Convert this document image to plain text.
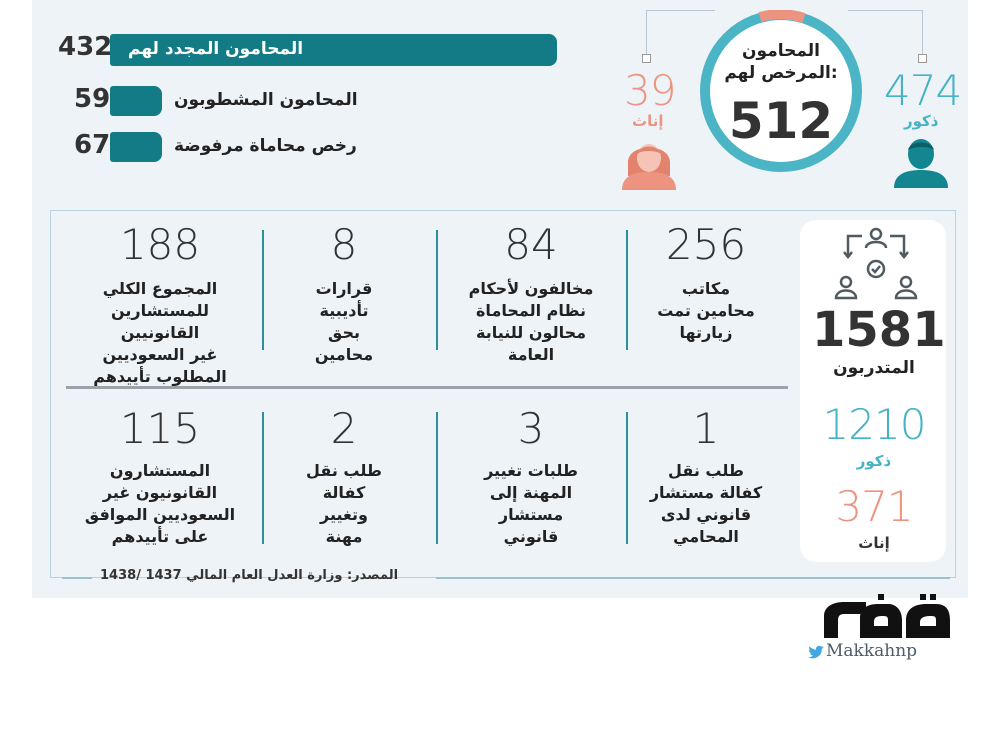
432 المحامون المجدد لهم
59	المحامون المشطوبون
67	رخص محاماة مرفوضة
المحامون
المرخص لهم:
512
474
ذكور
39
إناث
1581
المتدربون
1210
ذكور
371
إناث
256
مكاتب
محامين تمت
زيارتها
84
مخالفون لأحكام
نظام المحاماة
محالون للنيابة
العامة
8
قرارات
تأديبية
بحق
محامين
188
المجموع الكلي
للمستشارين القانونيين
غير السعوديين
المطلوب تأييدهم
1
طلب نقل
كفالة مستشار
قانوني لدى
المحامي
3
طلبات تغيير
المهنة إلى
مستشار
قانوني
2
طلب نقل
كفالة
وتغيير
مهنة
115
المستشارون
القانونيون غير
السعوديين الموافق
على تأييدهم
المصدر: وزارة العدل العام المالي 1437 /1438
Makkahnp
